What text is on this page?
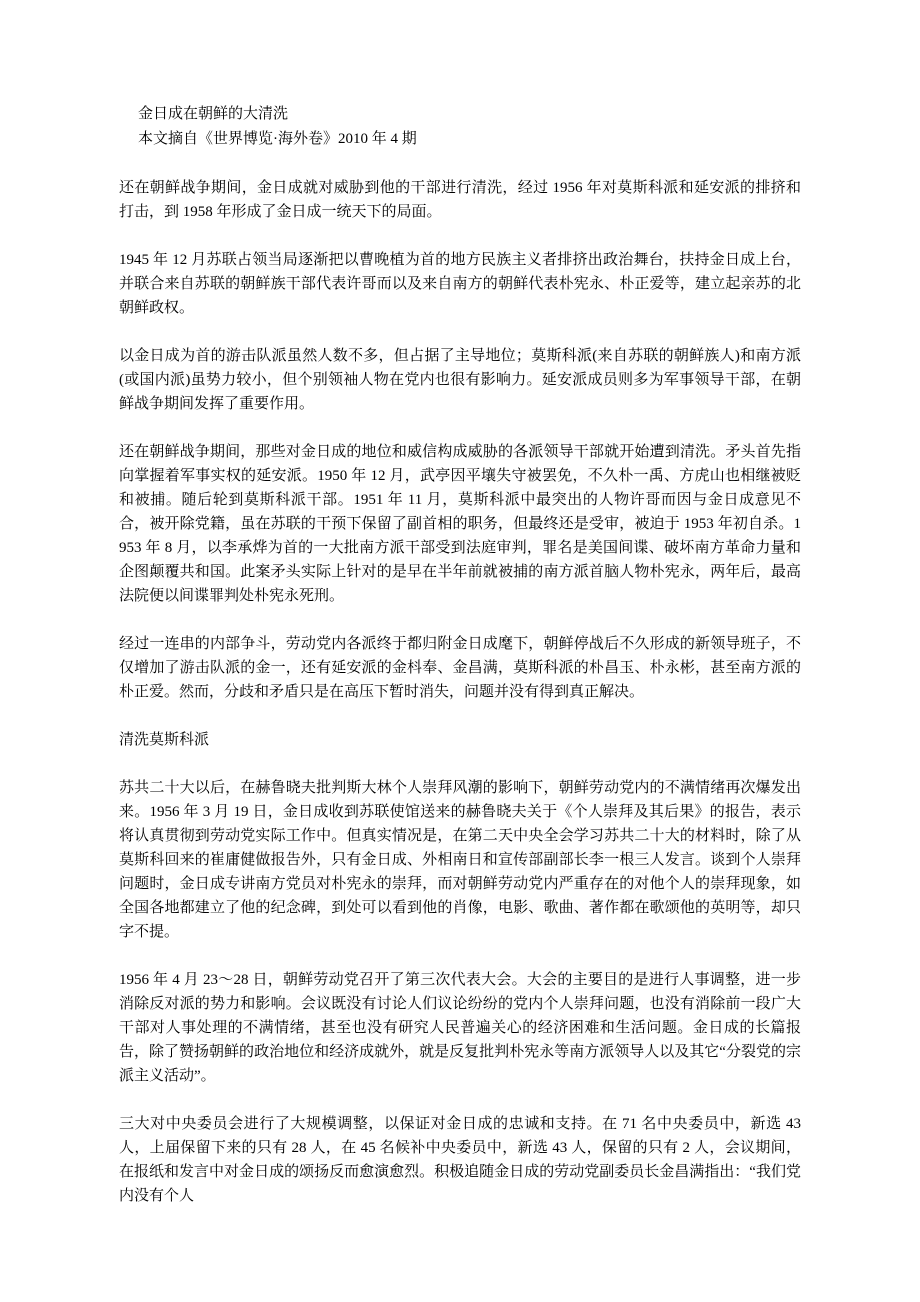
金日成在朝鲜的大清洗
本文摘自《世界博览·海外卷》2010 年 4 期

还在朝鲜战争期间，金日成就对威胁到他的干部进行清洗，经过 1956 年对莫斯科派和延安派的排挤和打击，到 1958 年形成了金日成一统天下的局面。

1945 年 12 月苏联占领当局逐渐把以曹晚植为首的地方民族主义者排挤出政治舞台，扶持金日成上台，并联合来自苏联的朝鲜族干部代表许哥而以及来自南方的朝鲜代表朴宪永、朴正爱等，建立起亲苏的北朝鲜政权。

以金日成为首的游击队派虽然人数不多，但占据了主导地位；莫斯科派(来自苏联的朝鲜族人)和南方派(或国内派)虽势力较小，但个别领袖人物在党内也很有影响力。延安派成员则多为军事领导干部，在朝鲜战争期间发挥了重要作用。

还在朝鲜战争期间，那些对金日成的地位和威信构成威胁的各派领导干部就开始遭到清洗。矛头首先指向掌握着军事实权的延安派。1950 年 12 月，武亭因平壤失守被罢免，不久朴一禹、方虎山也相继被贬和被捕。随后轮到莫斯科派干部。1951 年 11 月，莫斯科派中最突出的人物许哥而因与金日成意见不合，被开除党籍，虽在苏联的干预下保留了副首相的职务，但最终还是受审，被迫于 1953 年初自杀。1953 年 8 月，以李承烨为首的一大批南方派干部受到法庭审判，罪名是美国间谍、破坏南方革命力量和企图颠覆共和国。此案矛头实际上针对的是早在半年前就被捕的南方派首脑人物朴宪永，两年后，最高法院便以间谍罪判处朴宪永死刑。

经过一连串的内部争斗，劳动党内各派终于都归附金日成麾下，朝鲜停战后不久形成的新领导班子，不仅增加了游击队派的金一，还有延安派的金枓奉、金昌满，莫斯科派的朴昌玉、朴永彬，甚至南方派的朴正爱。然而，分歧和矛盾只是在高压下暂时消失，问题并没有得到真正解决。

清洗莫斯科派

苏共二十大以后，在赫鲁晓夫批判斯大林个人崇拜风潮的影响下，朝鲜劳动党内的不满情绪再次爆发出来。1956 年 3 月 19 日，金日成收到苏联使馆送来的赫鲁晓夫关于《个人崇拜及其后果》的报告，表示将认真贯彻到劳动党实际工作中。但真实情况是，在第二天中央全会学习苏共二十大的材料时，除了从莫斯科回来的崔庸健做报告外，只有金日成、外相南日和宣传部副部长李一根三人发言。谈到个人崇拜问题时，金日成专讲南方党员对朴宪永的崇拜，而对朝鲜劳动党内严重存在的对他个人的崇拜现象，如全国各地都建立了他的纪念碑，到处可以看到他的肖像，电影、歌曲、著作都在歌颂他的英明等，却只字不提。

1956 年 4 月 23～28 日，朝鲜劳动党召开了第三次代表大会。大会的主要目的是进行人事调整，进一步消除反对派的势力和影响。会议既没有讨论人们议论纷纷的党内个人崇拜问题，也没有消除前一段广大干部对人事处理的不满情绪，甚至也没有研究人民普遍关心的经济困难和生活问题。金日成的长篇报告，除了赞扬朝鲜的政治地位和经济成就外，就是反复批判朴宪永等南方派领导人以及其它“分裂党的宗派主义活动”。

三大对中央委员会进行了大规模调整，以保证对金日成的忠诚和支持。在 71 名中央委员中，新选 43 人，上届保留下来的只有 28 人，在 45 名候补中央委员中，新选 43 人，保留的只有 2 人，会议期间，在报纸和发言中对金日成的颂扬反而愈演愈烈。积极追随金日成的劳动党副委员长金昌满指出：“我们党内没有个人
